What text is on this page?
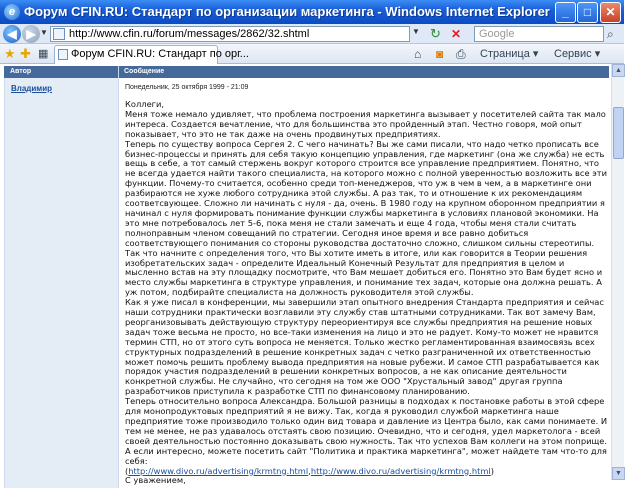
e Форум CFIN.RU: Стандарт по организации маркетинга - Windows Internet Explorer	_	□	✕
◀ ▶ ▼	http://www.cfin.ru/forum/messages/2862/32.shtml	▼ ↻ ✕	Google	⌕
★ ✚ ▦	Форум CFIN.RU: Стандарт по орг...	⌂ ◙ ⎙ Страница ▾ Сервис ▾
Автор	Сообщение
Владимир	Понедельник, 25 октября 1999 - 21:09

Коллеги,

Меня тоже немало удивляет, что проблема построения маркетинга вызывает у посетителей сайта так мало интереса. Создается вечатление, что для большинства это пройденный этап. Честно говоря, мой опыт показывает, что это не так даже на очень продвинутых предприятиях.

Теперь по существу вопроса Сергея 2. С чего начинать? Вы же сами писали, что надо четко прописать все бизнес-процессы и принять для себя такую концепцию управления, где маркетинг (она же служба) не есть вещь в себе, а тот самый стержень вокруг которого строится все управление предприятием. Понятно, что не всегда удается найти такого специалиста, на которого можно с полной уверенностью возложить все эти функции. Почему-то считается, особенно среди топ-менеджеров, что уж в чем в чем, а в маркетинге они разбираются не хуже любого сотрудника этой службы. А раз так, то и отношение к их рекомендациям соответсвующее. Сложно ли начинать с нуля - да, очень. В 1980 году на крупном оборонном предприятии я начинал с нуля формировать понимание функции службы маркетинга в условиях плановой экономики. На это мне потребовалось лет 5-6, пока меня не стали замечать и еще 4 года, чтобы меня стали считать полноправным членом совещаний по стратегии. Сегодня иное время и все равно добиться соответствующего понимания со стороны руководства достаточно сложно, слишком сильны стереотипы. Так что начните с определения того, что Вы хотите иметь в итоге, или как говорится в Теории решения изобретательских задач - определите Идеальный Конечный Результат для предприятия в целом и мысленно встав на эту площадку посмотрите, что Вам мешает добиться его. Понятно это Вам будет ясно и место службы маркетинга в структуре управления, и понимание тех задач, которые она должна решать. А уж потом, подбирайте специалиста на должность руководителя этой службы.

Как я уже писал в конференции, мы завершили этап опытного внедрения Стандарта предприятия и сейчас наши сотрудники практически возглавили эту службу став штатными сотрудниками. Так вот замечу Вам, реорганизовывать действующую структуру переориентируя все службы предприятия на решение новых задач тоже весьма не просто, но все-таки изменения на лицо и это не радует. Кому-то может не нравится термин СТП, но от этого суть вопроса не меняется. Только жестко регламентированная взаимосвязь всех структурных подразделений в решение конкретных задач с четко разграниченной их ответственностью может помочь решить проблему вывода предприятия на новые рубежи. И самое СТП разрабатывается как порядок участия подразделений в решении конкретных вопросов, а не как описание деятельности конкретной службы. Не случайно, что сегодня на том же ООО "Хрустальный завод" другая группа разработчиков приступила к разработке СТП по финансовому планированию.

Теперь относительно вопроса Александра. Большой разницы в подходах к постановке работы в этой сфере для монопродуктовых предприятий я не вижу. Так, когда я руководил службой маркетинга наше предприятие тоже производило только один вид товара и давление из Центра было, как сами понимаете. И тем не менее, не раз удавалось отстаять свою позицию. Очевидно, что и сегодня, удел маркетолога - всей своей деятельностью постоянно доказывать свою нужность. Так что успехов Вам коллеги на этом поприще. А если интересно, можете посетить сайт "Политика и практика маркетинга", может найдете там что-то для себя:

(http://www.divo.ru/advertising/krmtng.html,http://www.divo.ru/advertising/krmtng.html)

С уважением,

▲
▼
